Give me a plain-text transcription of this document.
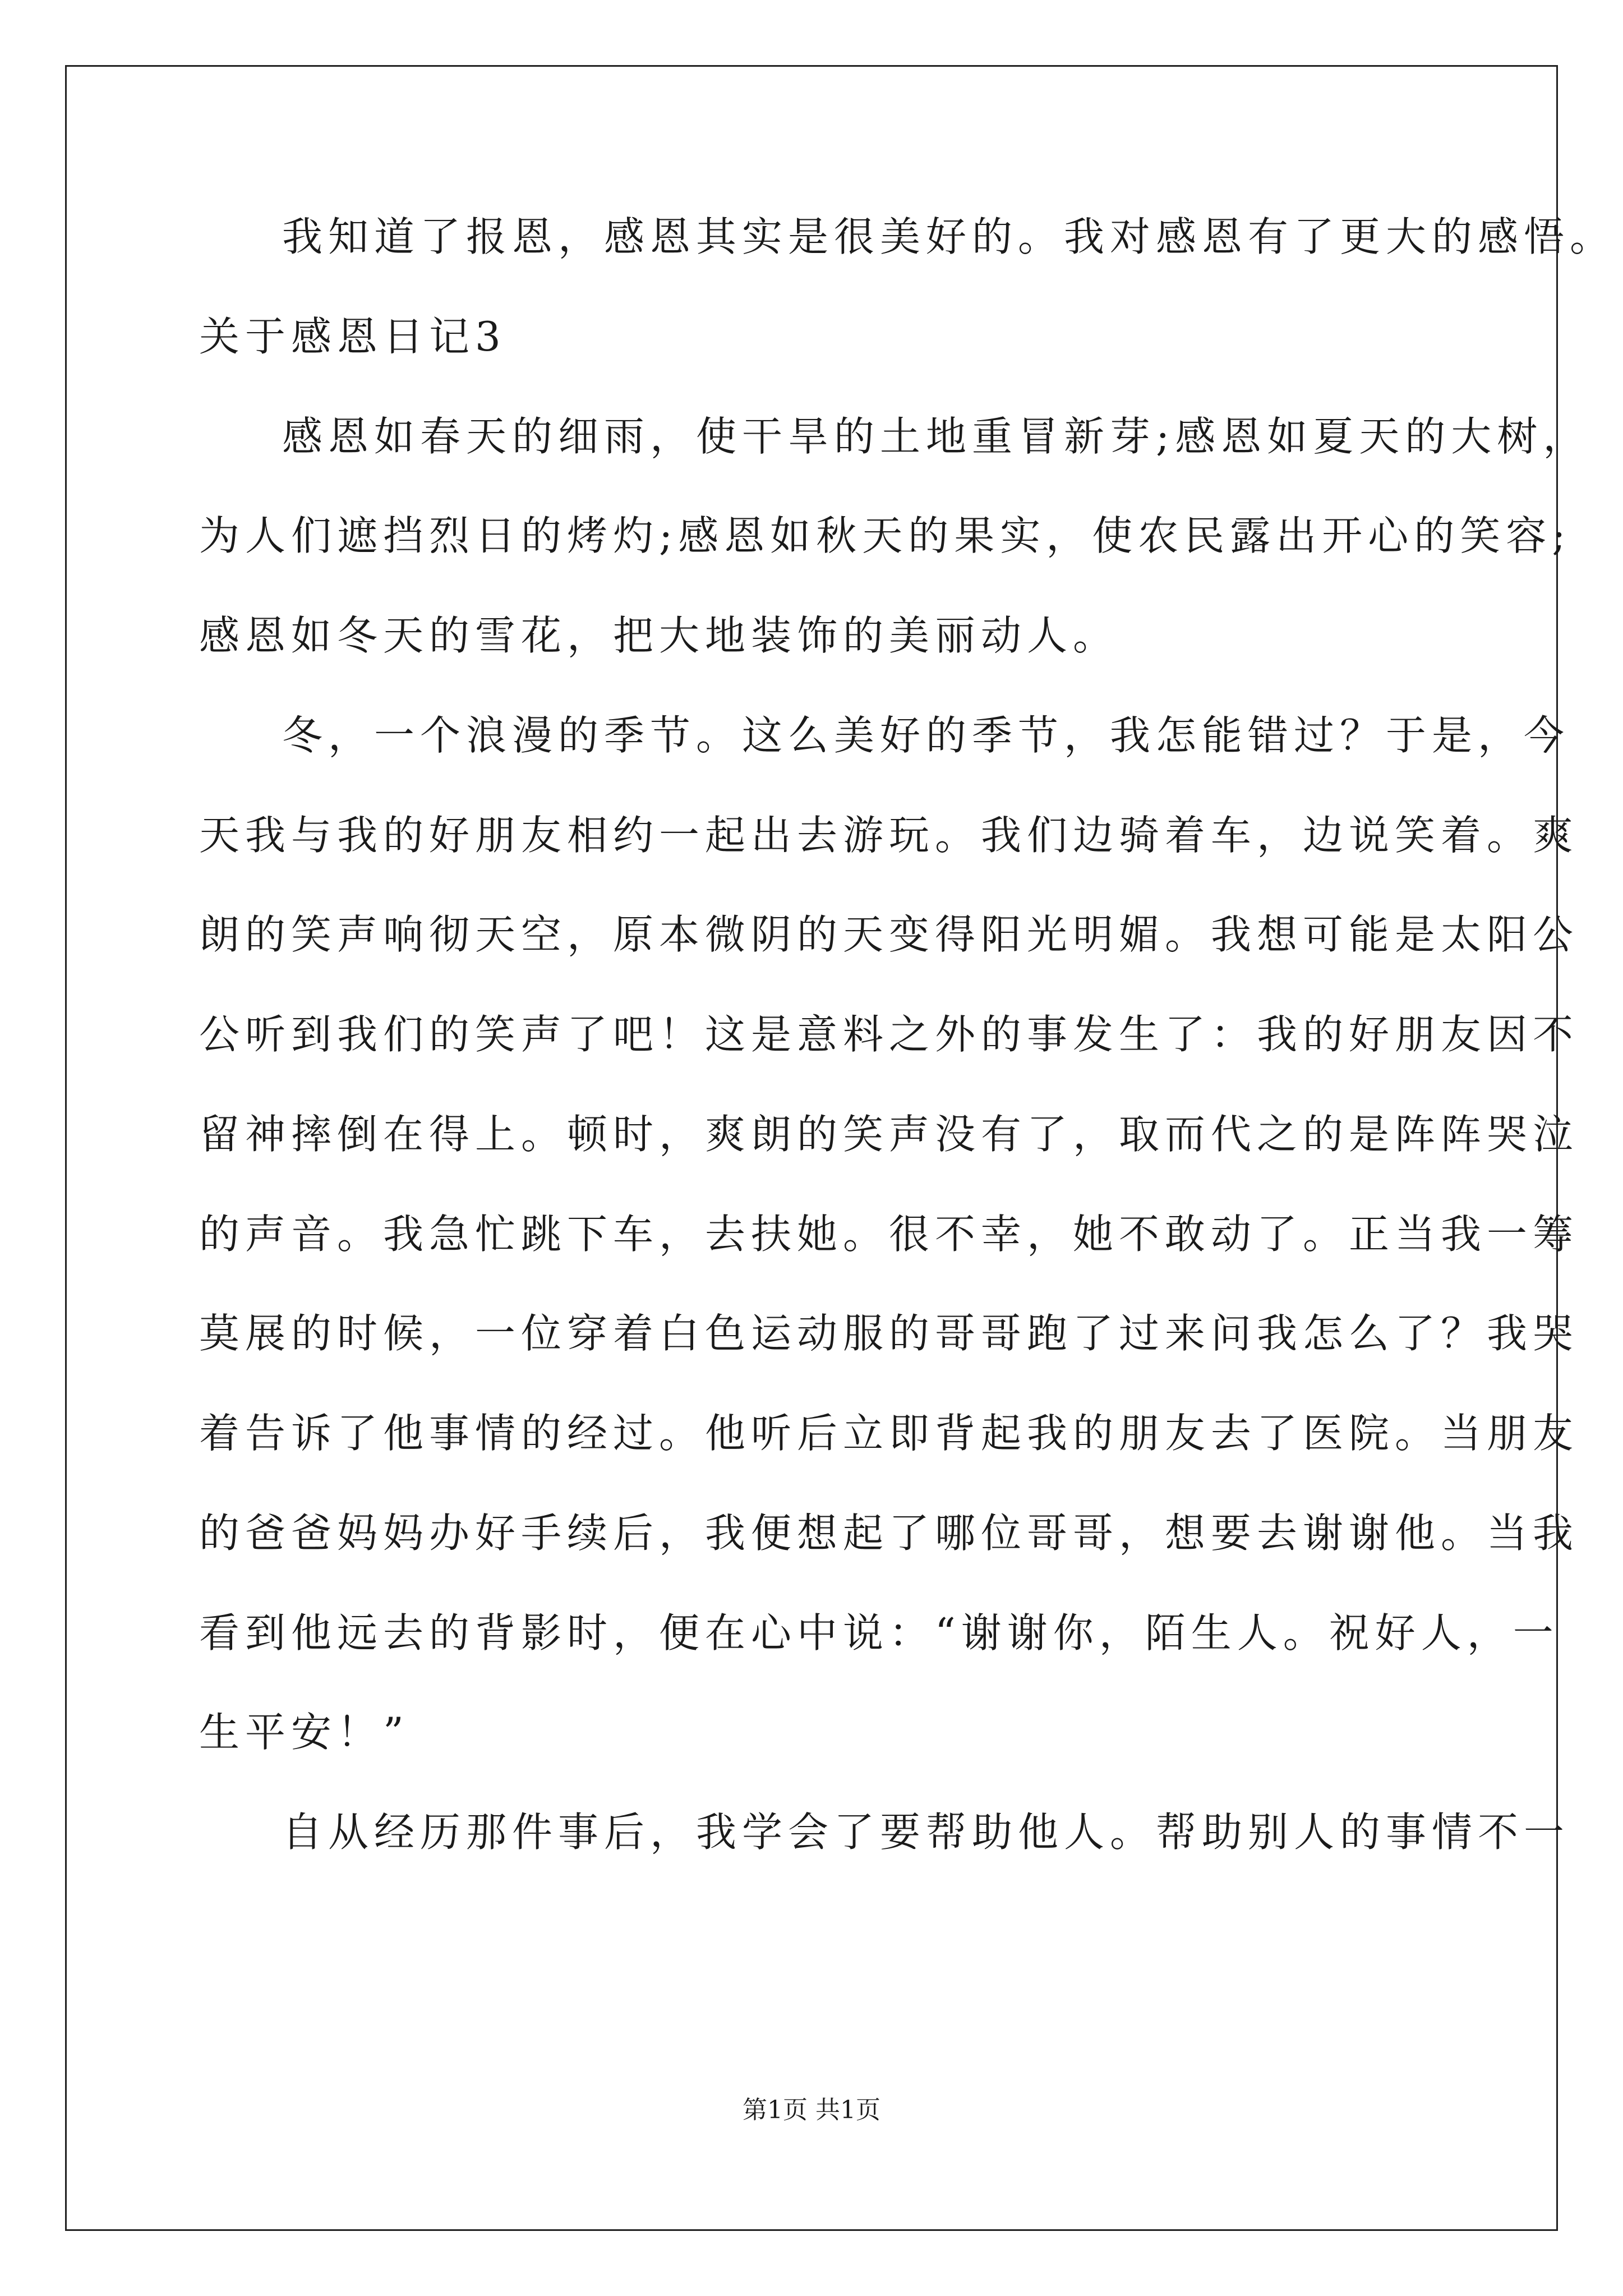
我知道了报恩，感恩其实是很美好的。我对感恩有了更大的感悟。
关于感恩日记3
感恩如春天的细雨，使干旱的土地重冒新芽;感恩如夏天的大树，
为人们遮挡烈日的烤灼;感恩如秋天的果实，使农民露出开心的笑容;
感恩如冬天的雪花，把大地装饰的美丽动人。
冬，一个浪漫的季节。这么美好的季节，我怎能错过？于是，今
天我与我的好朋友相约一起出去游玩。我们边骑着车，边说笑着。爽
朗的笑声响彻天空，原本微阴的天变得阳光明媚。我想可能是太阳公
公听到我们的笑声了吧！这是意料之外的事发生了：我的好朋友因不
留神摔倒在得上。顿时，爽朗的笑声没有了，取而代之的是阵阵哭泣
的声音。我急忙跳下车，去扶她。很不幸，她不敢动了。正当我一筹
莫展的时候，一位穿着白色运动服的哥哥跑了过来问我怎么了？我哭
着告诉了他事情的经过。他听后立即背起我的朋友去了医院。当朋友
的爸爸妈妈办好手续后，我便想起了哪位哥哥，想要去谢谢他。当我
看到他远去的背影时，便在心中说：“谢谢你，陌生人。祝好人，一
生平安！”
自从经历那件事后，我学会了要帮助他人。帮助别人的事情不一
第1页 共1页
